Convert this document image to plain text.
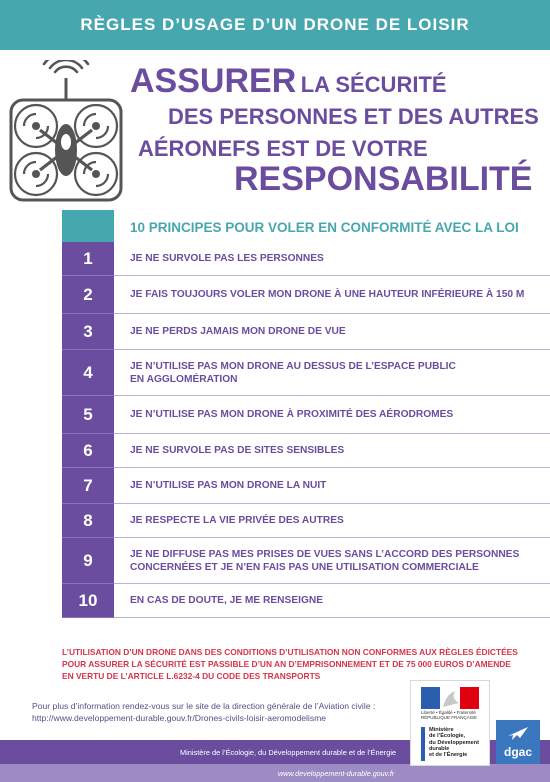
RÈGLES D’USAGE D’UN DRONE DE LOISIR
ASSURER LA SÉCURITÉ
DES PERSONNES ET DES AUTRES
AÉRONEFS EST DE VOTRE
RESPONSABILITÉ
10 PRINCIPES POUR VOLER EN CONFORMITÉ AVEC LA LOI
1	JE NE SURVOLE PAS LES PERSONNES
2	JE FAIS TOUJOURS VOLER MON DRONE À UNE HAUTEUR INFÉRIEURE À 150 M
3	JE NE PERDS JAMAIS MON DRONE DE VUE
4	JE N’UTILISE PAS MON DRONE AU DESSUS DE L’ESPACE PUBLIC
EN AGGLOMÉRATION
5	JE N’UTILISE PAS MON DRONE À PROXIMITÉ DES AÉRODROMES
6	JE NE SURVOLE PAS DE SITES SENSIBLES
7	JE N’UTILISE PAS MON DRONE LA NUIT
8	JE RESPECTE LA VIE PRIVÉE DES AUTRES
9	JE NE DIFFUSE PAS MES PRISES DE VUES SANS L’ACCORD DES PERSONNES
CONCERNÉES ET JE N’EN FAIS PAS UNE UTILISATION COMMERCIALE
10	EN CAS DE DOUTE, JE ME RENSEIGNE
L’UTILISATION D’UN DRONE DANS DES CONDITIONS D’UTILISATION NON CONFORMES AUX RÈGLES ÉDICTÉES
POUR ASSURER LA SÉCURITÉ EST PASSIBLE D’UN AN D’EMPRISONNEMENT ET DE 75 000 EUROS D’AMENDE
EN VERTU DE L’ARTICLE L.6232-4 DU CODE DES TRANSPORTS
Pour plus d’information rendez-vous sur le site de la direction générale de l’Aviation civile :
http://www.developpement-durable.gouv.fr/Drones-civils-loisir-aeromodelisme
Ministère de l’Écologie, du Développement durable et de l’Énergie
www.developpement-durable.gouv.fr
Liberté • Égalité • Fraternité
RÉPUBLIQUE FRANÇAISE
Ministère
de l’Écologie,
du Développement
durable
et de l’Énergie	dgac
